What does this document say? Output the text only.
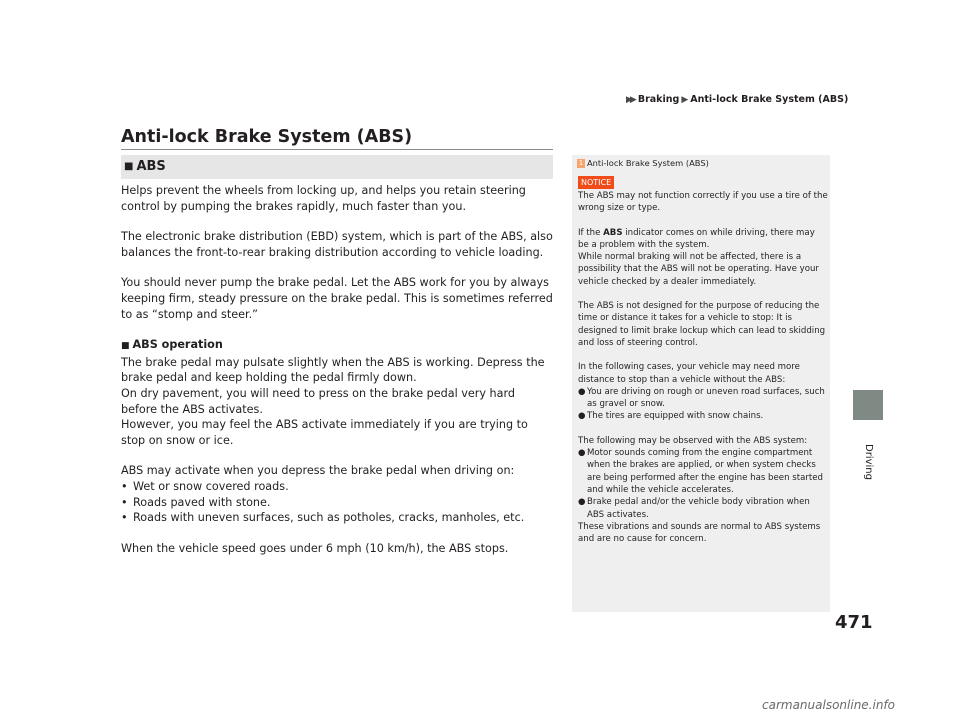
▶▶ Braking ▶ Anti-lock Brake System (ABS)
Anti-lock Brake System (ABS)
■ ABS

Helps prevent the wheels from locking up, and helps you retain steering control by pumping the brakes rapidly, much faster than you.

The electronic brake distribution (EBD) system, which is part of the ABS, also balances the front-to-rear braking distribution according to vehicle loading.

You should never pump the brake pedal. Let the ABS work for you by always keeping firm, steady pressure on the brake pedal. This is sometimes referred to as “stomp and steer.”

■ ABS operation

The brake pedal may pulsate slightly when the ABS is working. Depress the brake pedal and keep holding the pedal firmly down.

On dry pavement, you will need to press on the brake pedal very hard before the ABS activates.

However, you may feel the ABS activate immediately if you are trying to stop on snow or ice.

ABS may activate when you depress the brake pedal when driving on:

• Wet or snow covered roads.
• Roads paved with stone.
• Roads with uneven surfaces, such as potholes, cracks, manholes, etc.

When the vehicle speed goes under 6 mph (10 km/h), the ABS stops.

1 Anti-lock Brake System (ABS)
NOTICE

The ABS may not function correctly if you use a tire of the wrong size or type.

If the ABS indicator comes on while driving, there may be a problem with the system.

While normal braking will not be affected, there is a possibility that the ABS will not be operating. Have your vehicle checked by a dealer immediately.

The ABS is not designed for the purpose of reducing the time or distance it takes for a vehicle to stop: It is designed to limit brake lockup which can lead to skidding and loss of steering control.

In the following cases, your vehicle may need more distance to stop than a vehicle without the ABS:

● You are driving on rough or uneven road surfaces, such as gravel or snow.
● The tires are equipped with snow chains.

The following may be observed with the ABS system:

● Motor sounds coming from the engine compartment when the brakes are applied, or when system checks are being performed after the engine has been started and while the vehicle accelerates.
● Brake pedal and/or the vehicle body vibration when ABS activates.

These vibrations and sounds are normal to ABS systems and are no cause for concern.

Driving
471
carmanualsonline.info
